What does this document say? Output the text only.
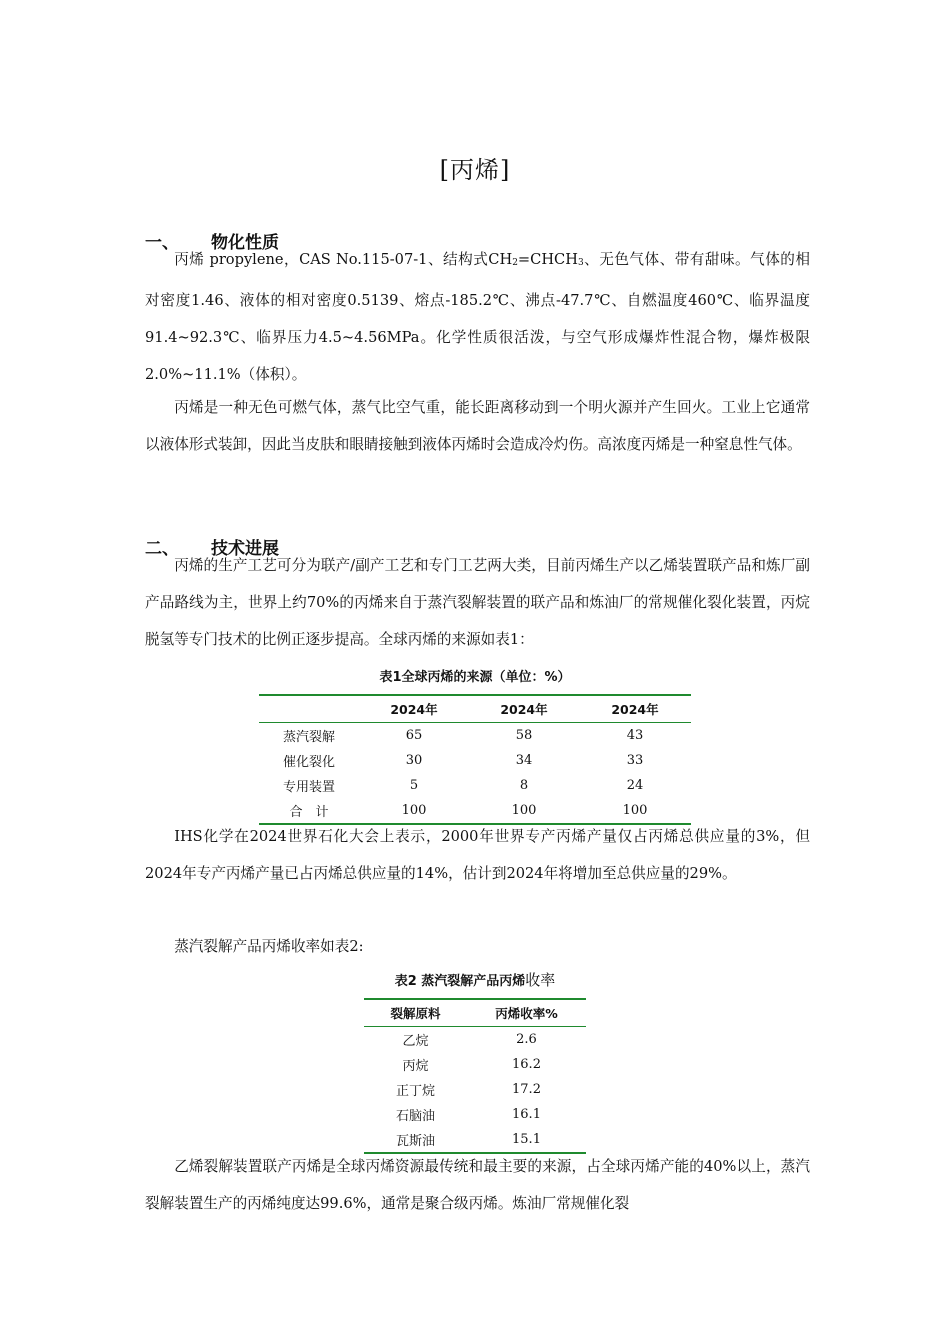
[丙烯]
一、 物化性质

丙烯 propylene，CAS No.115-07-1、结构式CH2=CHCH3、无色气体、带有甜味。气体的相对密度1.46、液体的相对密度0.5139、熔点-185.2℃、沸点-47.7℃、自燃温度460℃、临界温度91.4~92.3℃、临界压力4.5~4.56MPa。化学性质很活泼，与空气形成爆炸性混合物，爆炸极限2.0%~11.1%（体积）。

丙烯是一种无色可燃气体，蒸气比空气重，能长距离移动到一个明火源并产生回火。工业上它通常以液体形式装卸，因此当皮肤和眼睛接触到液体丙烯时会造成冷灼伤。高浓度丙烯是一种窒息性气体。

二、 技术进展

丙烯的生产工艺可分为联产/副产工艺和专门工艺两大类，目前丙烯生产以乙烯装置联产品和炼厂副产品路线为主，世界上约70%的丙烯来自于蒸汽裂解装置的联产品和炼油厂的常规催化裂化装置，丙烷脱氢等专门技术的比例正逐步提高。全球丙烯的来源如表1：

表1全球丙烯的来源（单位：%）
	2024年	2024年	2024年
蒸汽裂解	65	58	43
催化裂化	30	34	33
专用装置	5	8	24
合　计	100	100	100

IHS化学在2024世界石化大会上表示，2000年世界专产丙烯产量仅占丙烯总供应量的3%，但2024年专产丙烯产量已占丙烯总供应量的14%，估计到2024年将增加至总供应量的29%。

蒸汽裂解产品丙烯收率如表2:

表2 蒸汽裂解产品丙烯收率
裂解原料	丙烯收率%
乙烷	2.6
丙烷	16.2
正丁烷	17.2
石脑油	16.1
瓦斯油	15.1

乙烯裂解装置联产丙烯是全球丙烯资源最传统和最主要的来源，占全球丙烯产能的40%以上，蒸汽裂解装置生产的丙烯纯度达99.6%，通常是聚合级丙烯。炼油厂常规催化裂
